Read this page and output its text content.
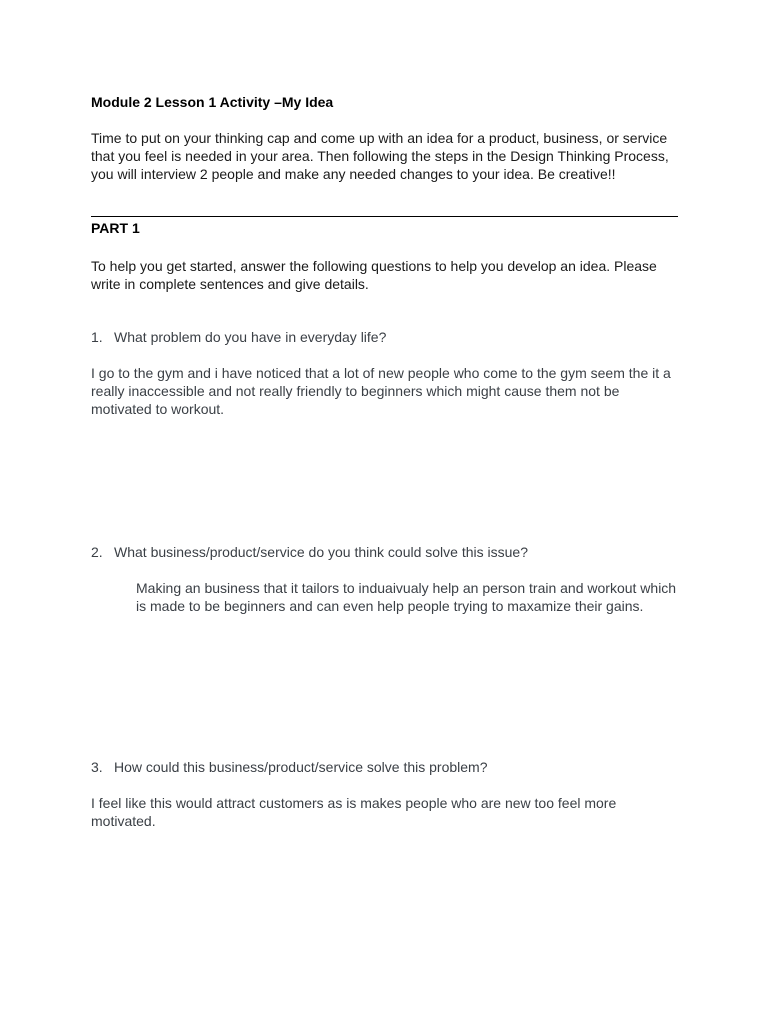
Module 2 Lesson 1 Activity –My Idea
Time to put on your thinking cap and come up with an idea for a product, business, or service that you feel is needed in your area. Then following the steps in the Design Thinking Process, you will interview 2 people and make any needed changes to your idea. Be creative!!
PART 1
To help you get started, answer the following questions to help you develop an idea. Please write in complete sentences and give details.
1. What problem do you have in everyday life?
I go to the gym and i have noticed that a lot of new people who come to the gym seem the it a really inaccessible and not really friendly to beginners which might cause them not be motivated to workout.
2. What business/product/service do you think could solve this issue?
Making an business that it tailors to induaivualy help an person train and workout which is made to be beginners and can even help people trying to maxamize their gains.
3. How could this business/product/service solve this problem?
I feel like this would attract customers as is makes people who are new too feel more motivated.
